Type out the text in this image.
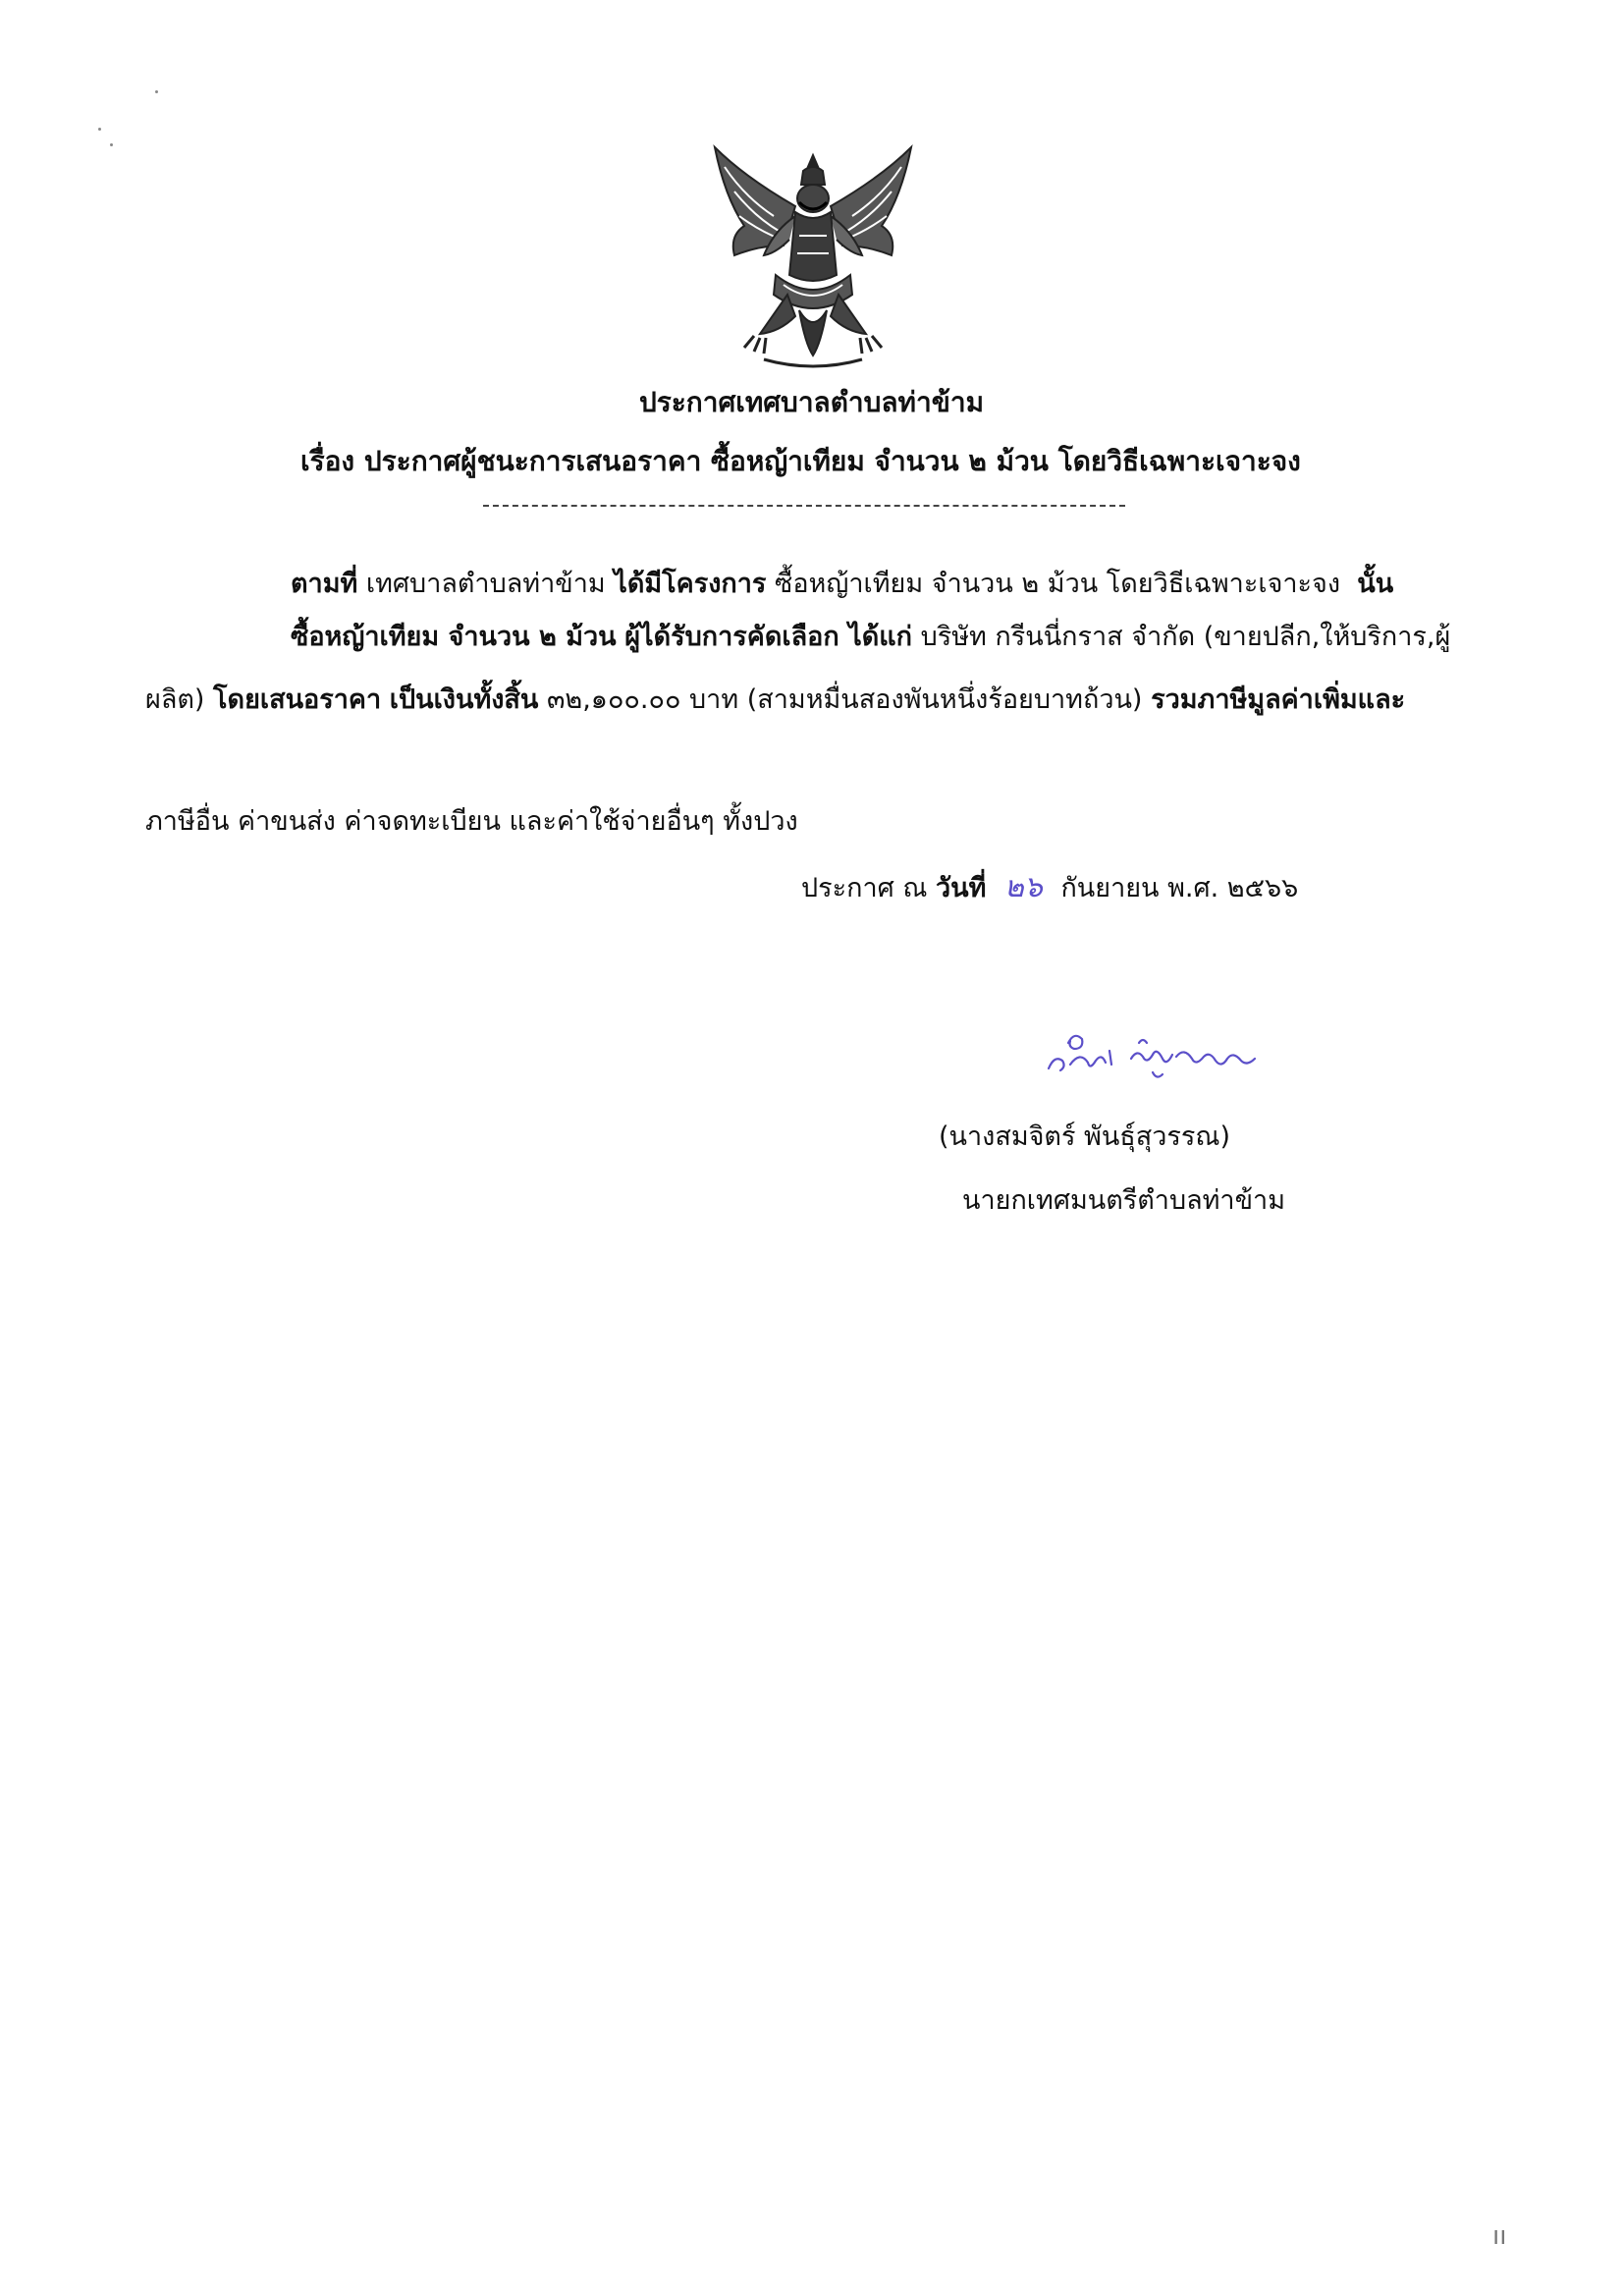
ประกาศเทศบาลตำบลท่าข้าม
เรื่อง ประกาศผู้ชนะการเสนอราคา ซื้อหญ้าเทียม จำนวน ๒ ม้วน โดยวิธีเฉพาะเจาะจง
ตามที่ เทศบาลตำบลท่าข้าม ได้มีโครงการ ซื้อหญ้าเทียม จำนวน ๒ ม้วน โดยวิธีเฉพาะเจาะจง นั้น
ซื้อหญ้าเทียม จำนวน ๒ ม้วน ผู้ได้รับการคัดเลือก ได้แก่ บริษัท กรีนนี่กราส จำกัด (ขายปลีก,ให้บริการ,ผู้
ผลิต) โดยเสนอราคา เป็นเงินทั้งสิ้น ๓๒,๑๐๐.๐๐ บาท (สามหมื่นสองพันหนึ่งร้อยบาทถ้วน) รวมภาษีมูลค่าเพิ่มและ
ภาษีอื่น ค่าขนส่ง ค่าจดทะเบียน และค่าใช้จ่ายอื่นๆ ทั้งปวง
ประกาศ ณ วันที่ ๒๖ กันยายน พ.ศ. ๒๕๖๖
(นางสมจิตร์ พันธุ์สุวรรณ)
นายกเทศมนตรีตำบลท่าข้าม
ıı
